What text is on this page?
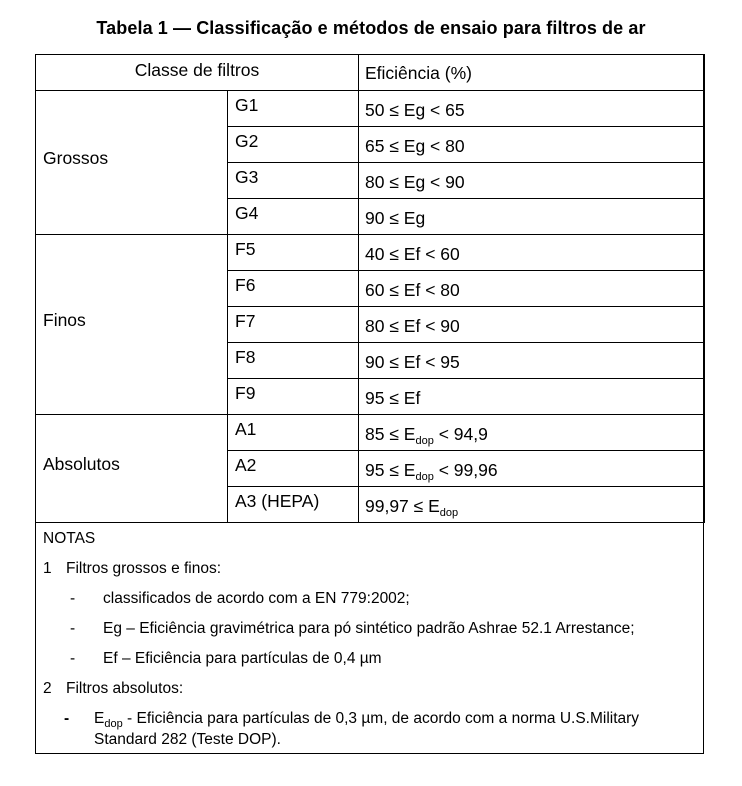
Tabela 1 — Classificação e métodos de ensaio para filtros de ar
Classe de filtros		Eficiência (%)
Grossos	G1	50 ≤ Eg < 65
	G2	65 ≤ Eg < 80
	G3	80 ≤ Eg < 90
	G4	90 ≤ Eg
Finos	F5	40 ≤ Ef < 60
	F6	60 ≤ Ef < 80
	F7	80 ≤ Ef < 90
	F8	90 ≤ Ef < 95
	F9	95 ≤ Ef
Absolutos	A1	$85 \le E_{dop} < 94,9$
	A2	$95 \le E_{dop} < 99,96$
	A3 (HEPA)	$99,97 \le E_{dop}$
NOTAS
1 Filtros grossos e finos:
- classificados de acordo com a EN 779:2002;
- Eg – Eficiência gravimétrica para pó sintético padrão Ashrae 52.1 Arrestance;
- Ef – Eficiência para partículas de 0,4 µm
2 Filtros absolutos:
- $E_{dop}$ - Eficiência para partículas de 0,3 µm, de acordo com a norma U.S.Military
Standard 282 (Teste DOP).
